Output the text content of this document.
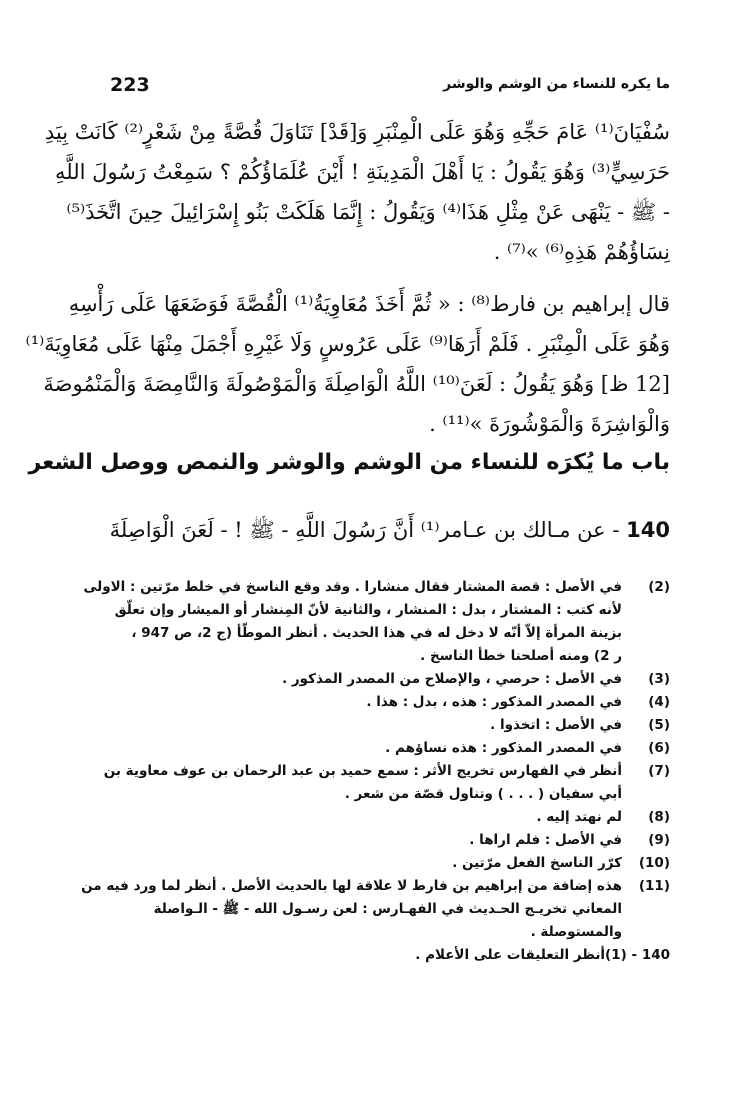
223	ما يكره للنساء من الوشم والوشر
سُفْيَانَ⁽¹⁾ عَامَ حَجِّهِ وَهُوَ عَلَى الْمِنْبَرِ وَ[قَدْ] تَنَاوَلَ قُصَّةً مِنْ شَعْرٍ⁽²⁾ كَانَتْ بِيَدِ
حَرَسِيٍّ⁽³⁾ وَهُوَ يَقُولُ : يَا أَهْلَ الْمَدِينَةِ ! أَيْنَ عُلَمَاؤُكُمْ ؟ سَمِعْتُ رَسُولَ اللَّهِ
- ﷺ - يَنْهَى عَنْ مِثْلِ هَذَا⁽⁴⁾ وَيَقُولُ : إِنَّمَا هَلَكَتْ بَنُو إِسْرَائِيلَ حِينَ اتَّخَذَ⁽⁵⁾
نِسَاؤُهُمْ هَذِهِ⁽⁶⁾ »⁽⁷⁾ .
قال إبراهيم بن فارط⁽⁸⁾ : « ثُمَّ أَخَذَ مُعَاوِيَةُ⁽¹⁾ الْقُصَّةَ فَوَضَعَهَا عَلَى رَأْسِهِ
وَهُوَ عَلَى الْمِنْبَرِ . فَلَمْ أَرَهَا⁽⁹⁾ عَلَى عَرُوسٍ وَلَا غَيْرِهِ أَجْمَلَ مِنْهَا عَلَى مُعَاوِيَةَ⁽¹⁾
[12 ظ] وَهُوَ يَقُولُ : لَعَنَ⁽¹⁰⁾ اللَّهُ الْوَاصِلَةَ وَالْمَوْصُولَةَ وَالنَّامِصَةَ وَالْمَنْمُوصَةَ
وَالْوَاشِرَةَ وَالْمَوْشُورَةَ »⁽¹¹⁾ .
باب ما يُكرَه للنساء من الوشم والوشر والنمص ووصل الشعر
140 - عن مـالك بن عـامر⁽¹⁾ أَنَّ رَسُولَ اللَّهِ - ﷺ ! - لَعَنَ الْوَاصِلَةَ
(2)
في الأصل : قصة المشتار فقال منشارا . وقد وقع الناسخ في خلط مرّتين : الاولى
لأنه كتب : المشتار ، بدل : المنشار ، والثانية لأنّ المِنشار أو الميشار وإن تعلّق
بزينة المرأة إلاّ أنّه لا دخل له في هذا الحديث . أنظر الموطّأ (ج 2، ص 947 ،
ر 2) ومنه أصلحنا خطأ الناسخ .
(3)
في الأصل : حرصي ، والإصلاح من المصدر المذكور .
(4)
في المصدر المذكور : هذه ، بدل : هذا .
(5)
في الأصل : اتخذوا .
(6)
في المصدر المذكور : هذه نساؤهم .
(7)
أنظر في الفهارس تخريج الأثر : سمع حميد بن عبد الرحمان بن عوف معاوية بن
أبي سفيان ( . . . ) وتناول قصّة من شعر .
(8)
لم نهتد إليه .
(9)
في الأصل : فلم اراها .
(10)
كرّر الناسخ الفعل مرّتين .
(11)
هذه إضافة من إبراهيم بن فارط لا علاقة لها بالحديث الأصل . أنظر لما ورد فيه من
المعاني تخريـج الحـديث في الفهـارس : لعن رسـول الله - ﷺ - الـواصلة
والمستوصلة .
140 - (1)
أنظر التعليقات على الأعلام .
